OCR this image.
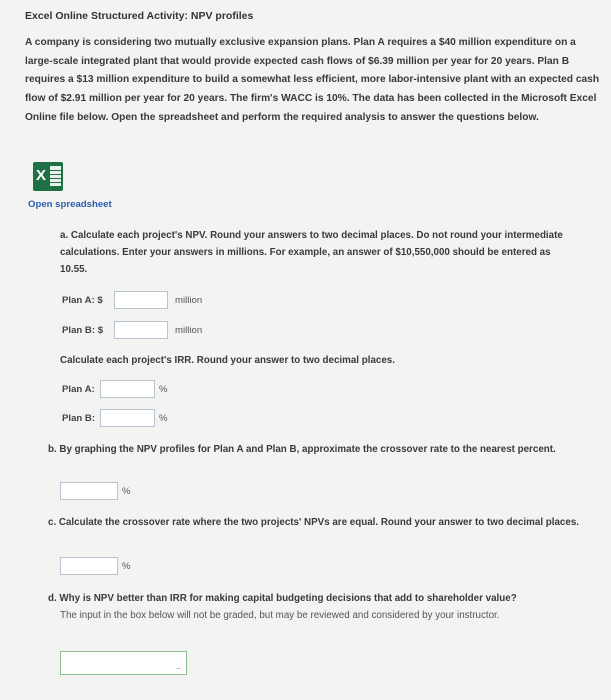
Excel Online Structured Activity: NPV profiles
A company is considering two mutually exclusive expansion plans. Plan A requires a $40 million expenditure on a large-scale integrated plant that would provide expected cash flows of $6.39 million per year for 20 years. Plan B requires a $13 million expenditure to build a somewhat less efficient, more labor-intensive plant with an expected cash flow of $2.91 million per year for 20 years. The firm's WACC is 10%. The data has been collected in the Microsoft Excel Online file below. Open the spreadsheet and perform the required analysis to answer the questions below.
X
Open spreadsheet
a. Calculate each project's NPV. Round your answers to two decimal places. Do not round your intermediate calculations. Enter your answers in millions. For example, an answer of $10,550,000 should be entered as 10.55.
Plan A: $	million
Plan B: $	million
Calculate each project's IRR. Round your answer to two decimal places.
Plan A:	%
Plan B:	%
b. By graphing the NPV profiles for Plan A and Plan B, approximate the crossover rate to the nearest percent.
%
c. Calculate the crossover rate where the two projects' NPVs are equal. Round your answer to two decimal places.
%
d. Why is NPV better than IRR for making capital budgeting decisions that add to shareholder value?
The input in the box below will not be graded, but may be reviewed and considered by your instructor.
−
